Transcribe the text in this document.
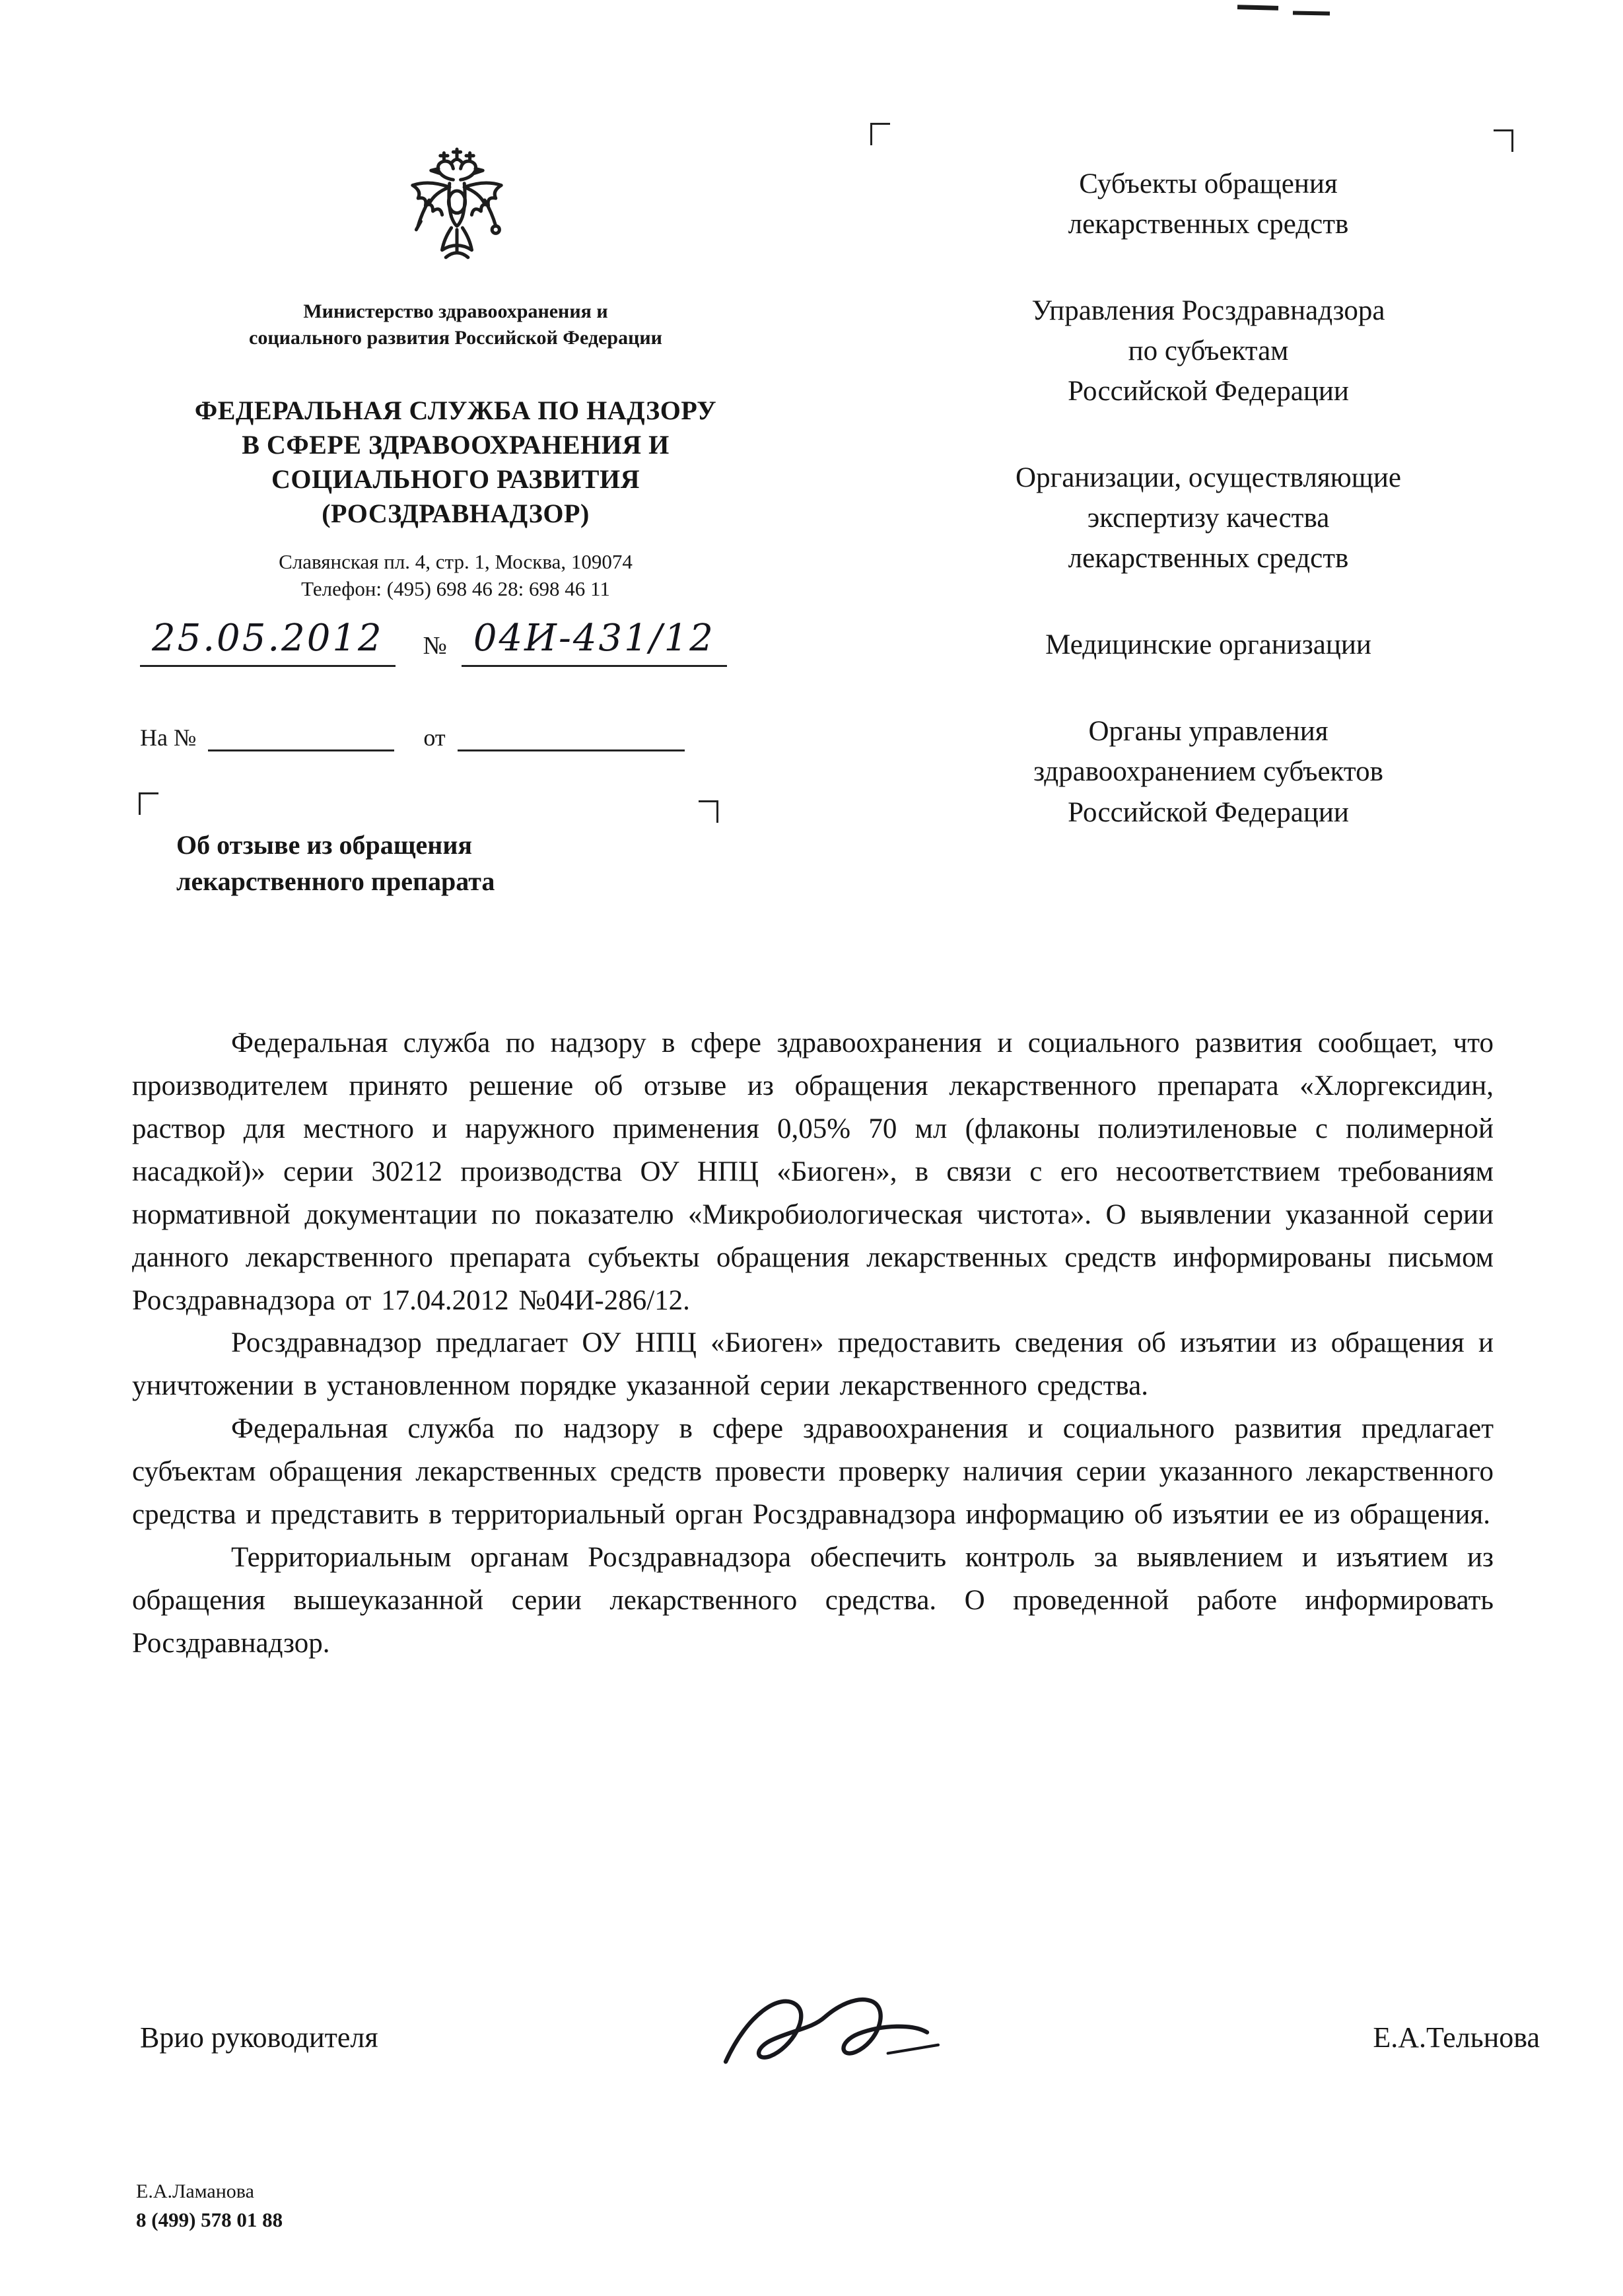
Министерство здравоохранения и
социального развития Российской Федерации
ФЕДЕРАЛЬНАЯ СЛУЖБА ПО НАДЗОРУ
В СФЕРЕ ЗДРАВООХРАНЕНИЯ И
СОЦИАЛЬНОГО РАЗВИТИЯ
(РОСЗДРАВНАДЗОР)
Славянская пл. 4, стр. 1, Москва, 109074
Телефон: (495) 698 46 28: 698 46 11
25.05.2012	№ 04И-431/12
На №	от
Об отзыве из обращения
лекарственного препарата
Субъекты обращения
лекарственных средств
Управления Росздравнадзора
по субъектам
Российской Федерации
Организации, осуществляющие
экспертизу качества
лекарственных средств
Медицинские организации
Органы управления
здравоохранением субъектов
Российской Федерации

Федеральная служба по надзору в сфере здравоохранения и социального развития сообщает, что производителем принято решение об отзыве из обращения лекарственного препарата «Хлоргексидин, раствор для местного и наружного применения 0,05% 70 мл (флаконы полиэтиленовые с полимерной насадкой)» серии 30212 производства ОУ НПЦ «Биоген», в связи с его несоответствием требованиям нормативной документации по показателю «Микробиологическая чистота». О выявлении указанной серии данного лекарственного препарата субъекты обращения лекарственных средств информированы письмом Росздравнадзора от 17.04.2012 №04И-286/12.

Росздравнадзор предлагает ОУ НПЦ «Биоген» предоставить сведения об изъятии из обращения и уничтожении в установленном порядке указанной серии лекарственного средства.

Федеральная служба по надзору в сфере здравоохранения и социального развития предлагает субъектам обращения лекарственных средств провести проверку наличия серии указанного лекарственного средства и представить в территориальный орган Росздравнадзора информацию об изъятии ее из обращения.

Территориальным органам Росздравнадзора обеспечить контроль за выявлением и изъятием из обращения вышеуказанной серии лекарственного средства. О проведенной работе информировать Росздравнадзор.

Врио руководителя	Е.А.Тельнова
Е.А.Ламанова
8 (499) 578 01 88
